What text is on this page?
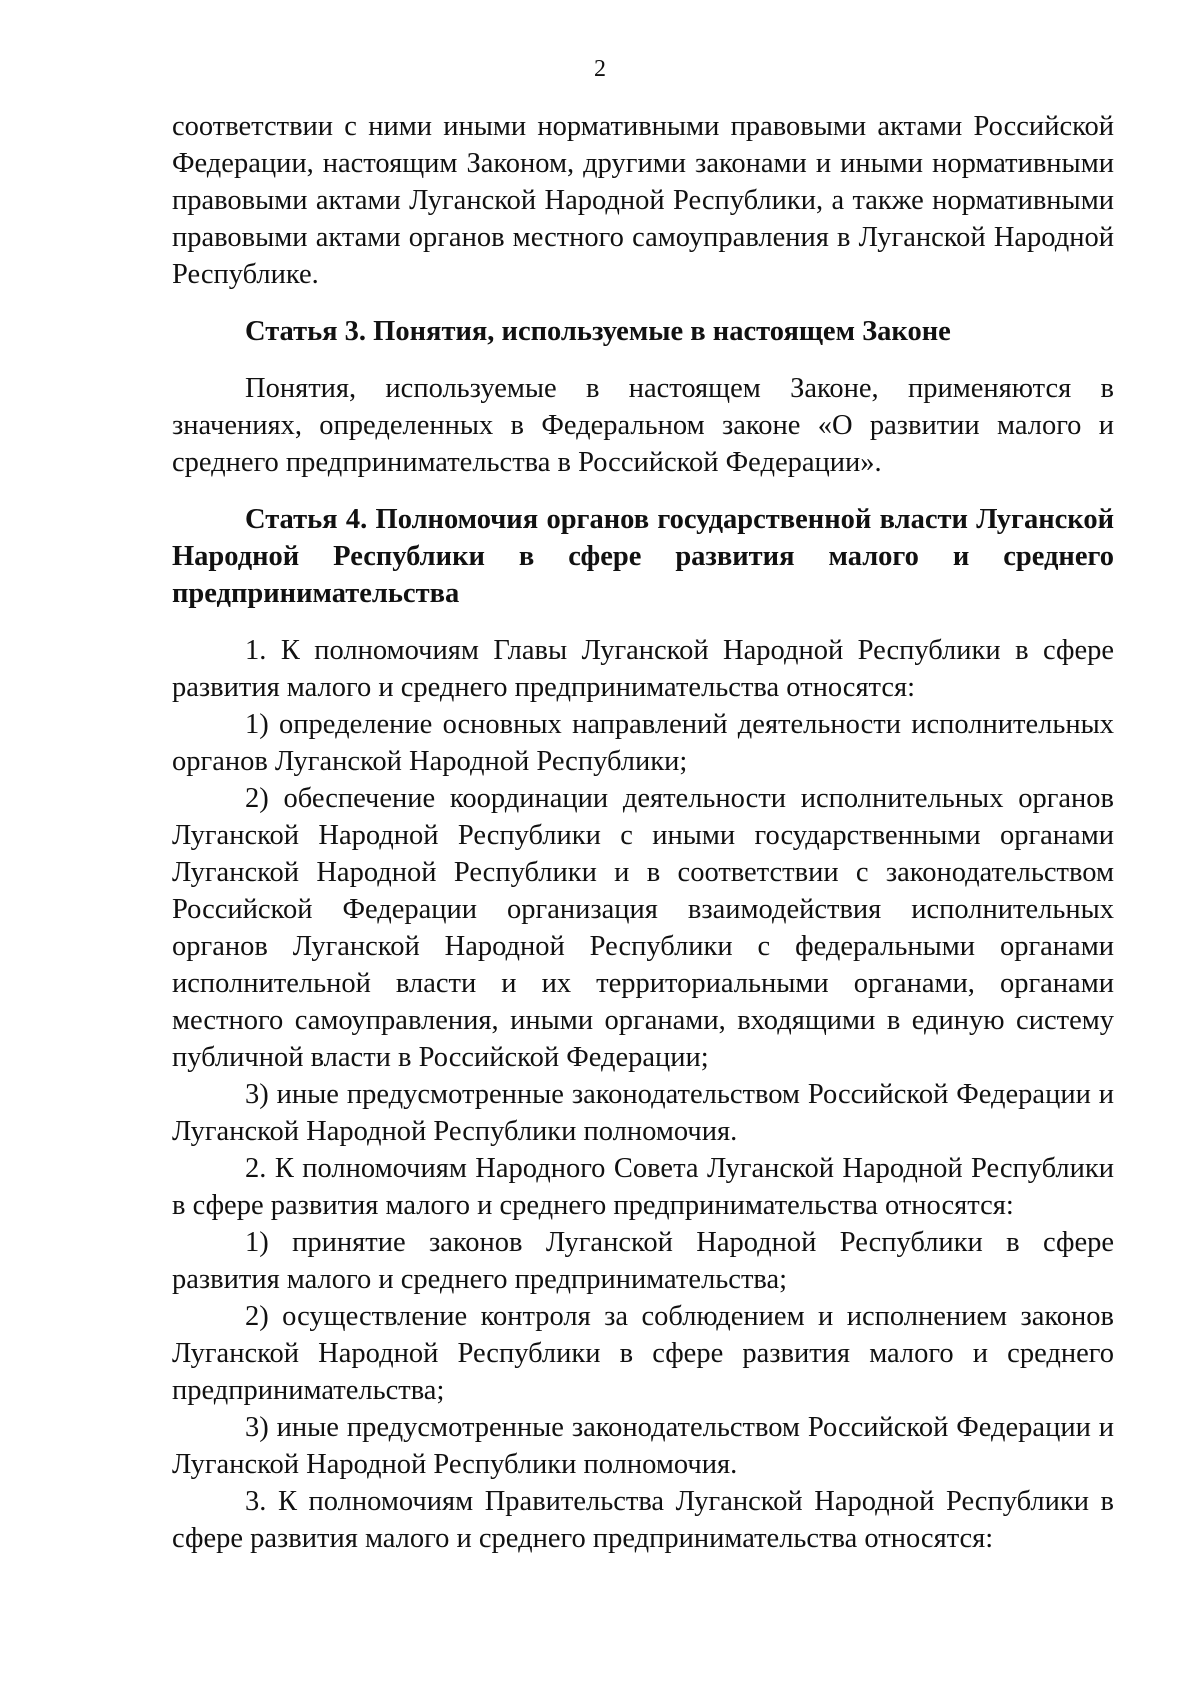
2

соответствии с ними иными нормативными правовыми актами Российской Федерации, настоящим Законом, другими законами и иными нормативными правовыми актами Луганской Народной Республики, а также нормативными правовыми актами органов местного самоуправления в Луганской Народной Республике.

Статья 3. Понятия, используемые в настоящем Законе

Понятия, используемые в настоящем Законе, применяются в значениях, определенных в Федеральном законе «О развитии малого и среднего предпринимательства в Российской Федерации».

Статья 4. Полномочия органов государственной власти Луганской Народной Республики в сфере развития малого и среднего предпринимательства

1. К полномочиям Главы Луганской Народной Республики в сфере развития малого и среднего предпринимательства относятся:

1) определение основных направлений деятельности исполнительных органов Луганской Народной Республики;

2) обеспечение координации деятельности исполнительных органов Луганской Народной Республики с иными государственными органами Луганской Народной Республики и в соответствии с законодательством Российской Федерации организация взаимодействия исполнительных органов Луганской Народной Республики с федеральными органами исполнительной власти и их территориальными органами, органами местного самоуправления, иными органами, входящими в единую систему публичной власти в Российской Федерации;

3) иные предусмотренные законодательством Российской Федерации и Луганской Народной Республики полномочия.

2. К полномочиям Народного Совета Луганской Народной Республики в сфере развития малого и среднего предпринимательства относятся:

1) принятие законов Луганской Народной Республики в сфере развития малого и среднего предпринимательства;

2) осуществление контроля за соблюдением и исполнением законов Луганской Народной Республики в сфере развития малого и среднего предпринимательства;

3) иные предусмотренные законодательством Российской Федерации и Луганской Народной Республики полномочия.

3. К полномочиям Правительства Луганской Народной Республики в сфере развития малого и среднего предпринимательства относятся:
